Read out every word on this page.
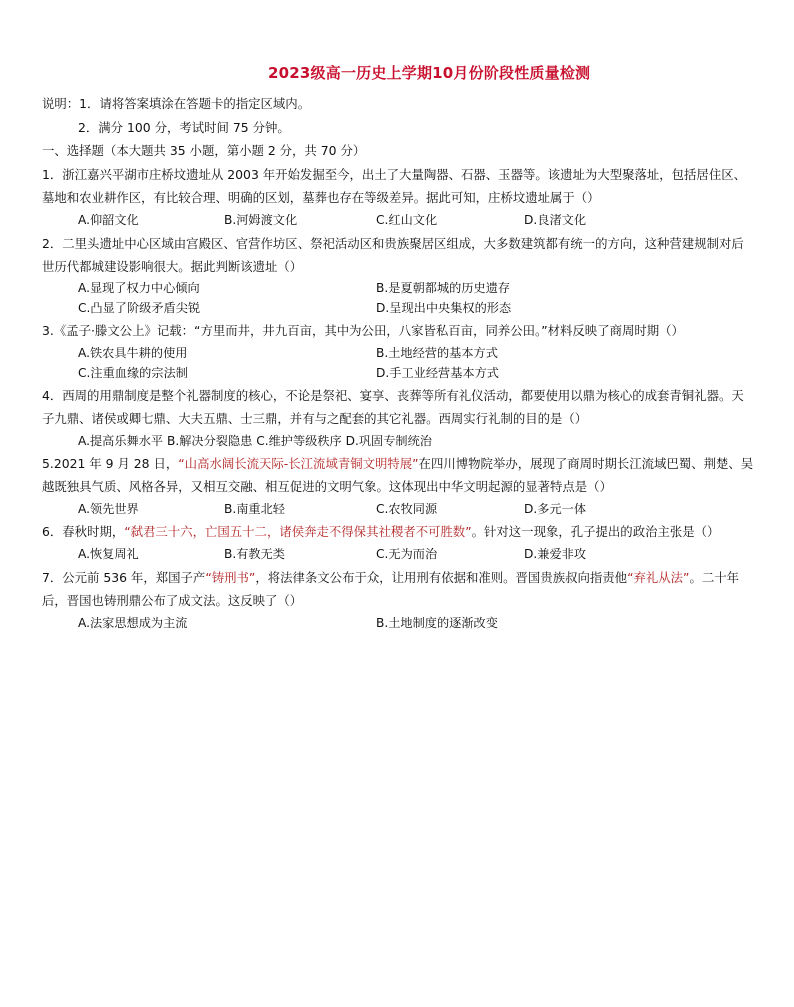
2023级高一历史上学期10月份阶段性质量检测
说明：1．请将答案填涂在答题卡的指定区域内。
2．满分 100 分，考试时间 75 分钟。
一、选择题（本大题共 35 小题，第小题 2 分，共 70 分）
1．浙江嘉兴平湖市庄桥坟遗址从 2003 年开始发掘至今，出土了大量陶器、石器、玉器等。该遗址为大型聚落址，包括居住区、
墓地和农业耕作区，有比较合理、明确的区划，墓葬也存在等级差异。据此可知，庄桥坟遗址属于（）
A.仰韶文化	B.河姆渡文化	C.红山文化	D.良渚文化
2．二里头遗址中心区域由宫殿区、官营作坊区、祭祀活动区和贵族聚居区组成，大多数建筑都有统一的方向，这种营建规制对后
世历代都城建设影响很大。据此判断该遗址（）
A.显现了权力中心倾向	B.是夏朝都城的历史遗存
C.凸显了阶级矛盾尖锐	D.呈现出中央集权的形态
3.《孟子·滕文公上》记载：“方里而井，井九百亩，其中为公田，八家皆私百亩，同养公田。”材料反映了商周时期（）
A.铁农具牛耕的使用	B.土地经营的基本方式
C.注重血缘的宗法制	D.手工业经营基本方式
4．西周的用鼎制度是整个礼器制度的核心，不论是祭祀、宴享、丧葬等所有礼仪活动，都要使用以鼎为核心的成套青铜礼器。天
子九鼎、诸侯或卿七鼎、大夫五鼎、士三鼎，并有与之配套的其它礼器。西周实行礼制的目的是（）
A.提高乐舞水平 B.解决分裂隐患 C.维护等级秩序 D.巩固专制统治
5.2021 年 9 月 28 日，“山高水阔长流天际-长江流域青铜文明特展”在四川博物院举办，展现了商周时期长江流域巴蜀、荆楚、吴
越既独具气质、风格各异，又相互交融、相互促进的文明气象。这体现出中华文明起源的显著特点是（）
A.领先世界	B.南重北轻	C.农牧同源	D.多元一体
6．春秋时期，“弑君三十六，亡国五十二，诸侯奔走不得保其社稷者不可胜数”。针对这一现象，孔子提出的政治主张是（）
A.恢复周礼	B.有教无类	C.无为而治	D.兼爱非攻
7．公元前 536 年，郑国子产“铸刑书”，将法律条文公布于众，让用刑有依据和准则。晋国贵族叔向指责他“弃礼从法”。二十年
后，晋国也铸刑鼎公布了成文法。这反映了（）
A.法家思想成为主流	B.土地制度的逐渐改变
